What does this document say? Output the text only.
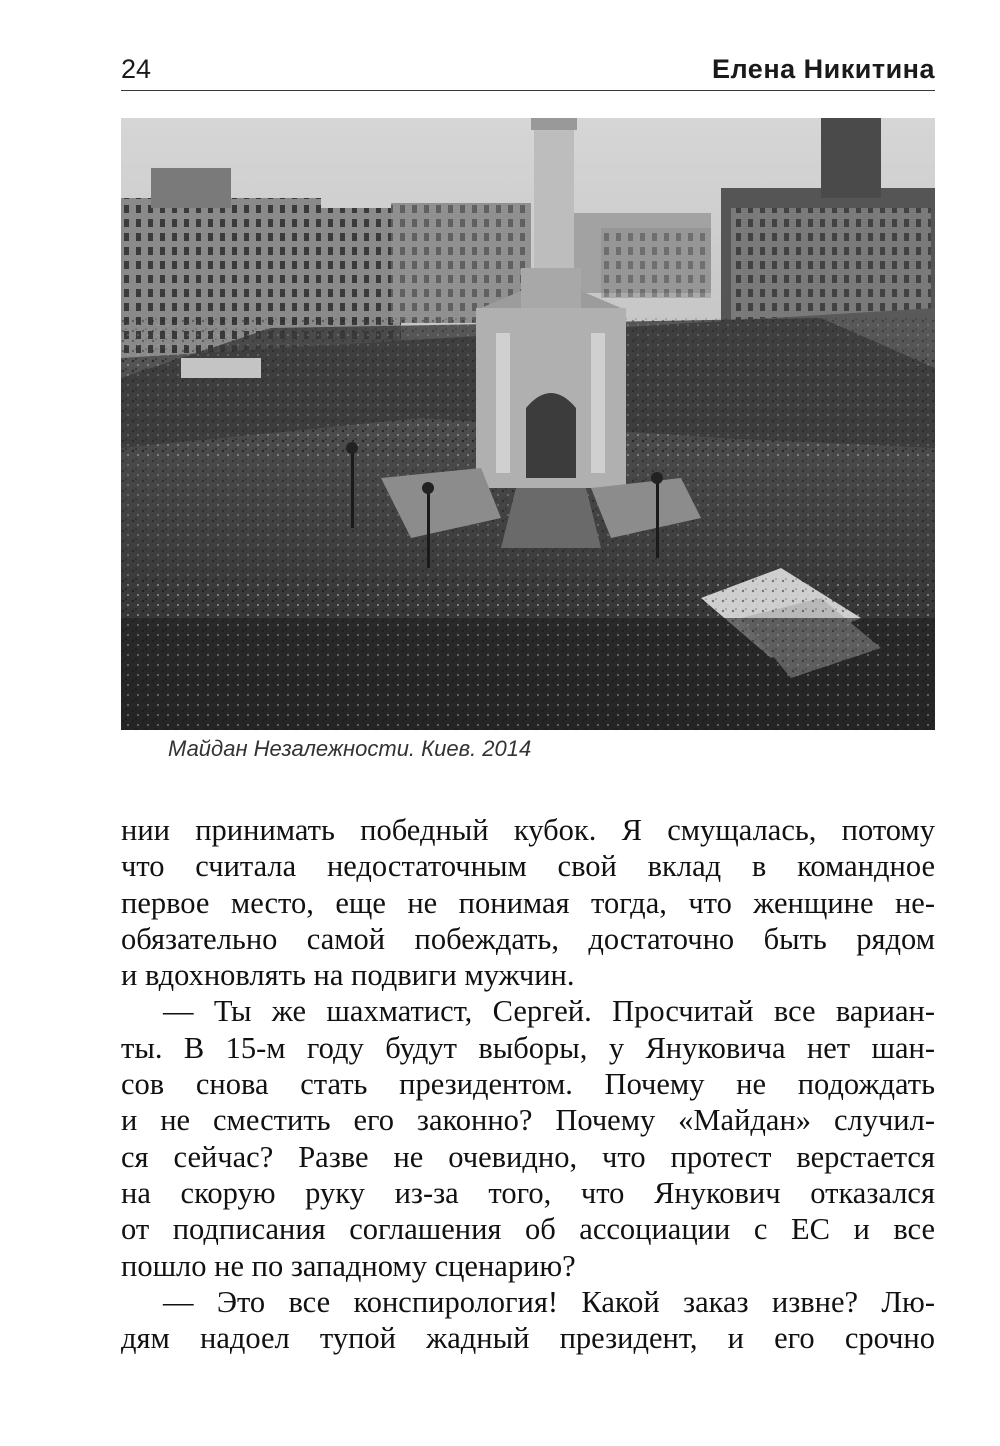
24	Елена Никитина
Майдан Незалежности. Киев. 2014
нии принимать победный кубок. Я смущалась, потому
что считала недостаточным свой вклад в командное
первое место, еще не понимая тогда, что женщине не-
обязательно самой побеждать, достаточно быть рядом
и вдохновлять на подвиги мужчин.
— Ты же шахматист, Сергей. Просчитай все вариан-
ты. В 15-м году будут выборы, у Януковича нет шан-
сов снова стать президентом. Почему не подождать
и не сместить его законно? Почему «Майдан» случил-
ся сейчас? Разве не очевидно, что протест верстается
на скорую руку из-за того, что Янукович отказался
от подписания соглашения об ассоциации с ЕС и все
пошло не по западному сценарию?
— Это все конспирология! Какой заказ извне? Лю-
дям надоел тупой жадный президент, и его срочно
